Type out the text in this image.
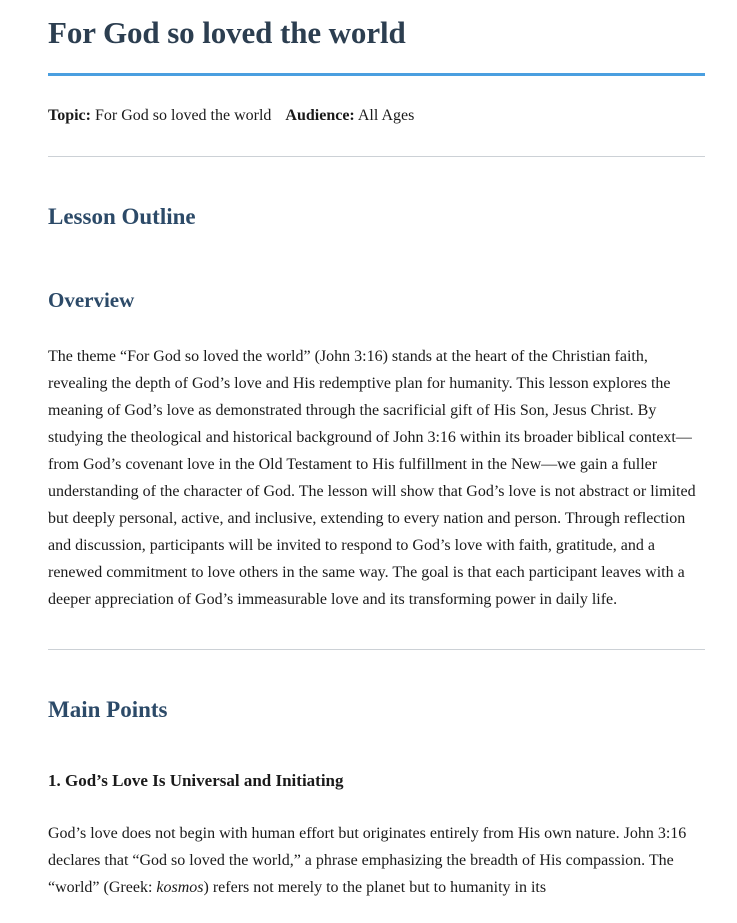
For God so loved the world
Topic: For God so loved the world Audience: All Ages
Lesson Outline
Overview

The theme “For God so loved the world” (John 3:16) stands at the heart of the Christian faith, revealing the depth of God’s love and His redemptive plan for humanity. This lesson explores the meaning of God’s love as demonstrated through the sacrificial gift of His Son, Jesus Christ. By studying the theological and historical background of John 3:16 within its broader biblical context—from God’s covenant love in the Old Testament to His fulfillment in the New—we gain a fuller understanding of the character of God. The lesson will show that God’s love is not abstract or limited but deeply personal, active, and inclusive, extending to every nation and person. Through reflection and discussion, participants will be invited to respond to God’s love with faith, gratitude, and a renewed commitment to love others in the same way. The goal is that each participant leaves with a deeper appreciation of God’s immeasurable love and its transforming power in daily life.

Main Points
1. God’s Love Is Universal and Initiating

God’s love does not begin with human effort but originates entirely from His own nature. John 3:16 declares that “God so loved the world,” a phrase emphasizing the breadth of His compassion. The “world” (Greek: kosmos) refers not merely to the planet but to humanity in its
